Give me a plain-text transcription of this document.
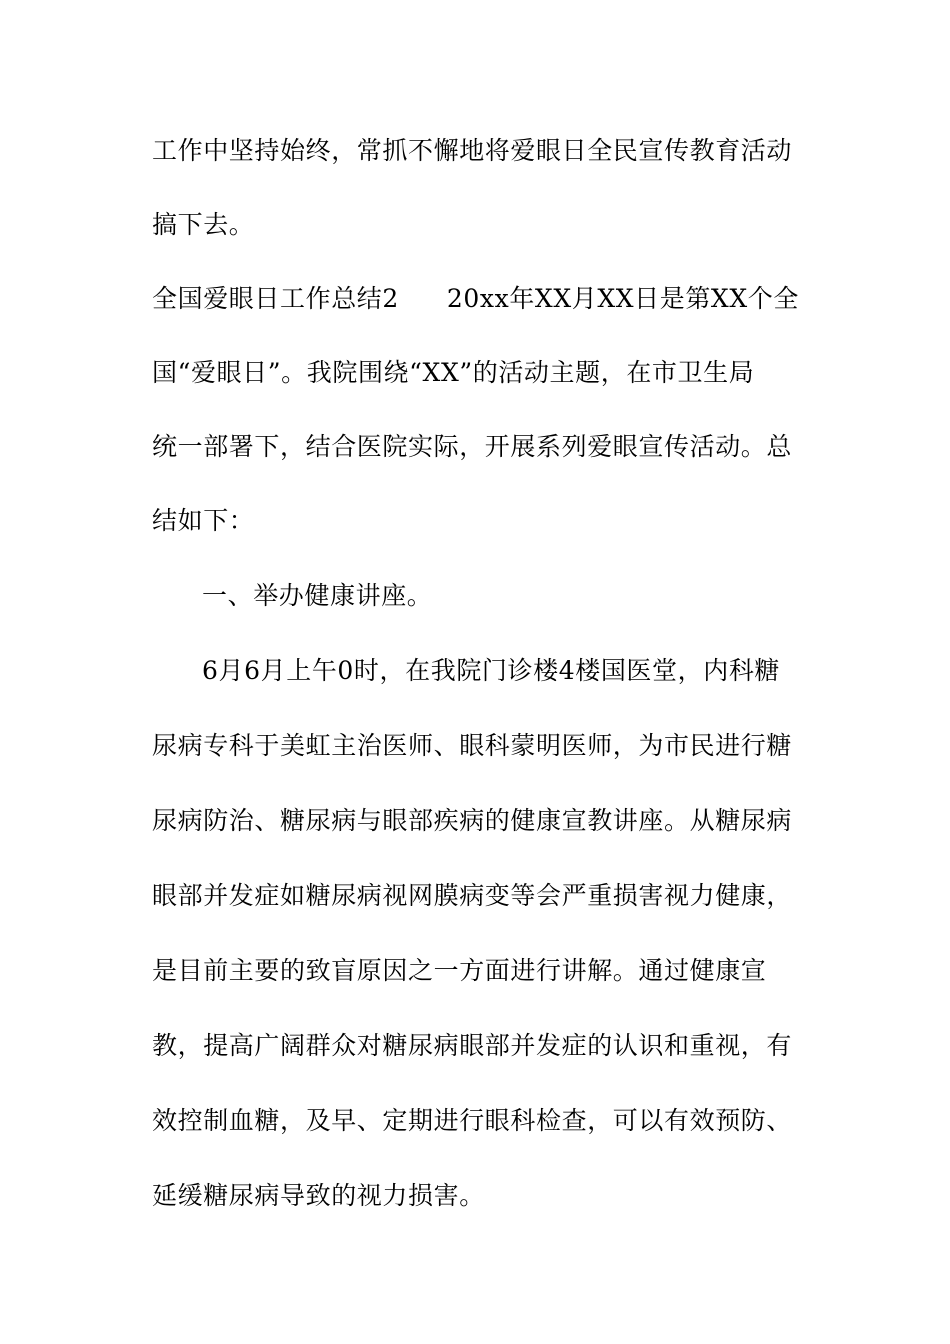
工作中坚持始终，常抓不懈地将爱眼日全民宣传教育活动
搞下去。
全国爱眼日工作总结2 20xx年XX月XX日是第XX个全
国“爱眼日”。我院围绕“XX”的活动主题，在市卫生局
统一部署下，结合医院实际，开展系列爱眼宣传活动。总
结如下：
一、举办健康讲座。
6月6月上午0时，在我院门诊楼4楼国医堂，内科糖
尿病专科于美虹主治医师、眼科蒙明医师，为市民进行糖
尿病防治、糖尿病与眼部疾病的健康宣教讲座。从糖尿病
眼部并发症如糖尿病视网膜病变等会严重损害视力健康，
是目前主要的致盲原因之一方面进行讲解。通过健康宣
教，提高广阔群众对糖尿病眼部并发症的认识和重视，有
效控制血糖，及早、定期进行眼科检查，可以有效预防、
延缓糖尿病导致的视力损害。
